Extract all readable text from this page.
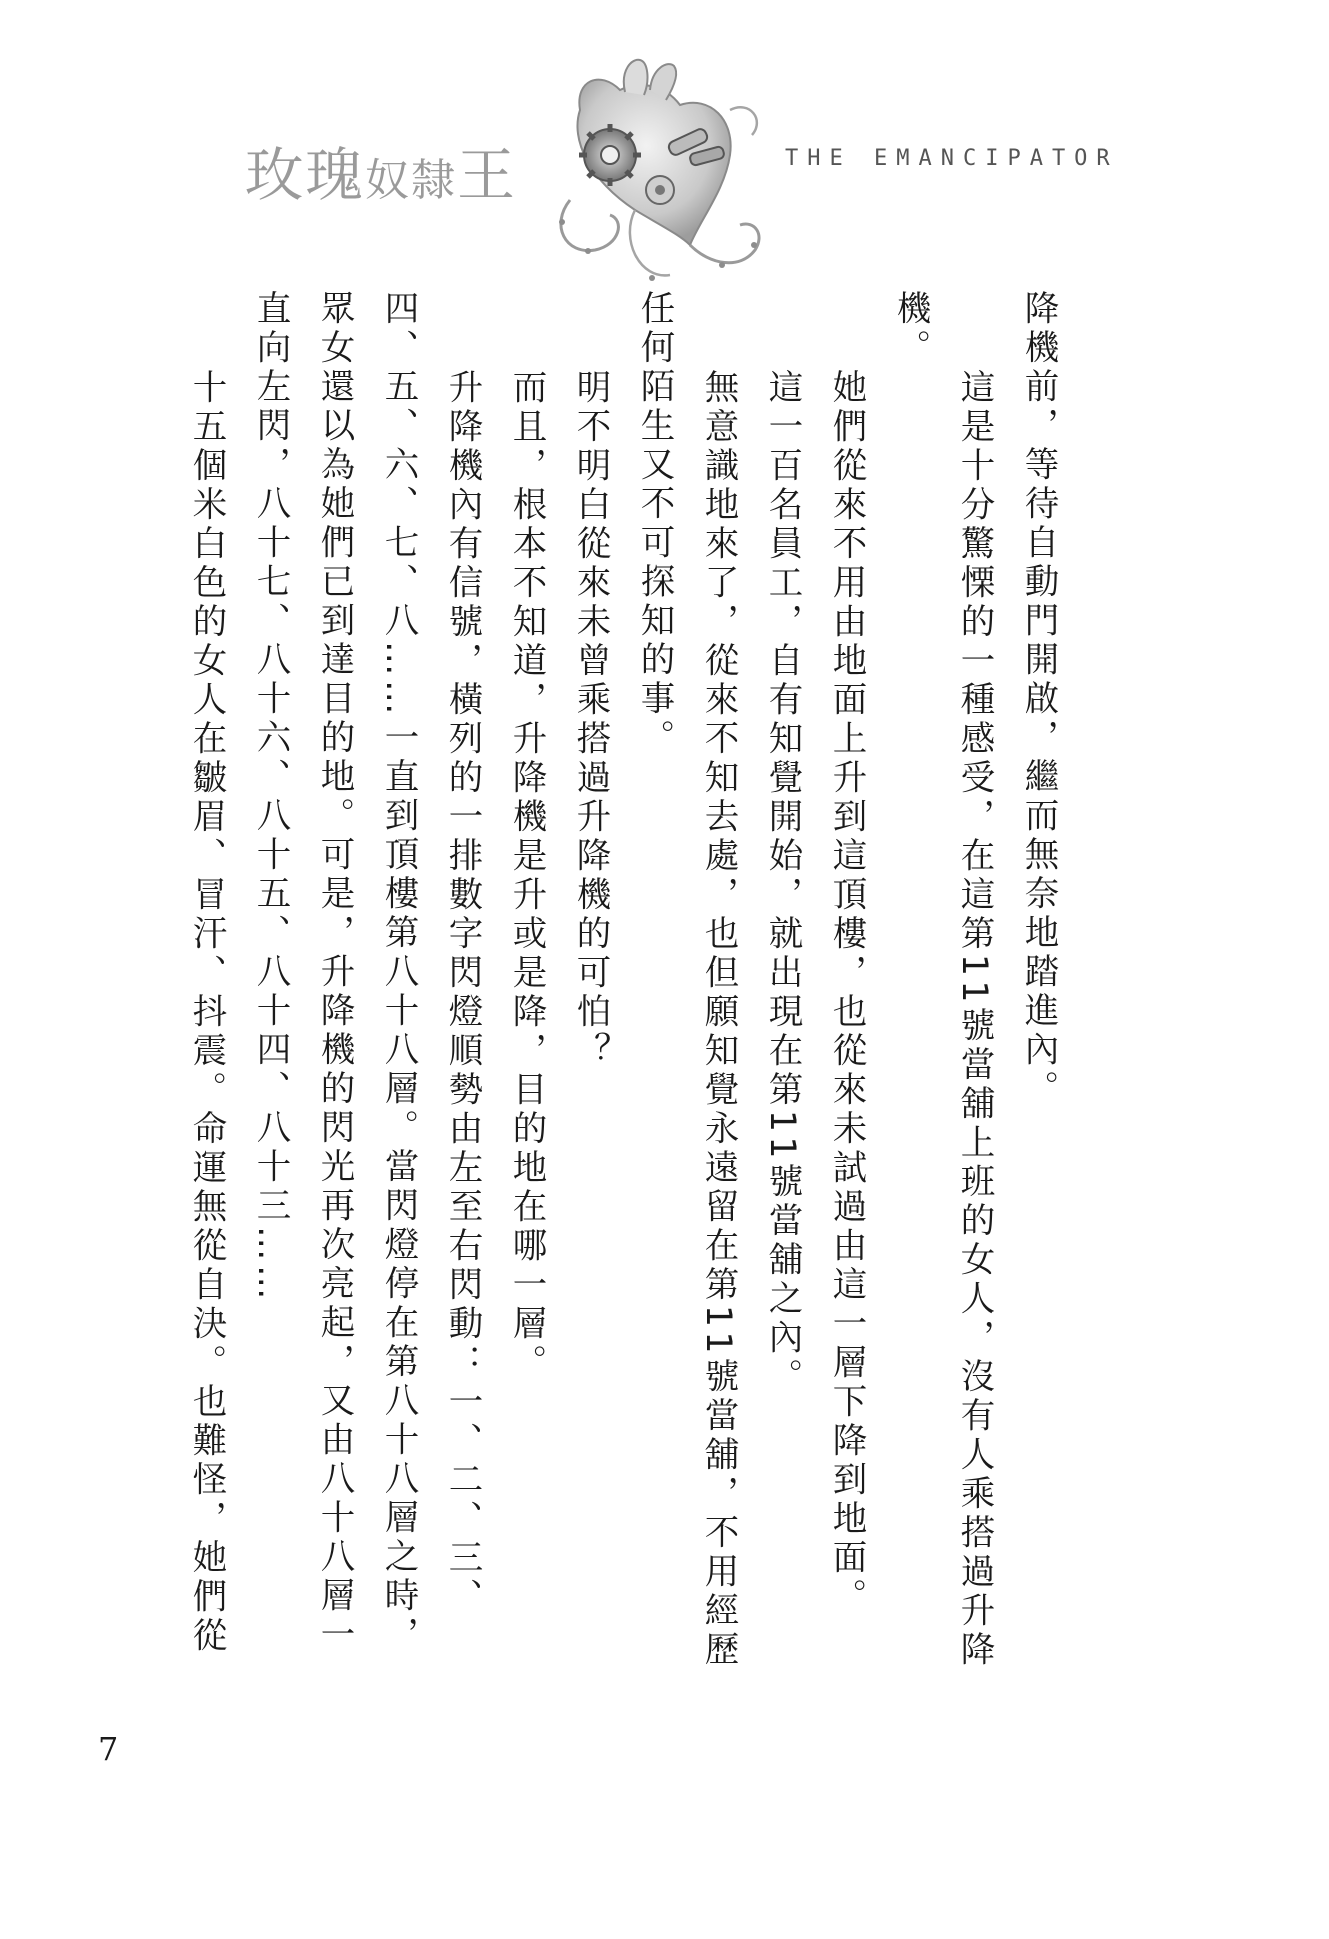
玫瑰奴隸王	THE EMANCIPATOR

降機前，等待自動門開啟，繼而無奈地踏進內。

這是十分驚慄的一種感受，在這第11號當舖上班的女人，沒有人乘搭過升降機。

她們從來不用由地面上升到這頂樓，也從來未試過由這一層下降到地面。

這一百名員工，自有知覺開始，就出現在第11號當舖之內。

無意識地來了，從來不知去處，也但願知覺永遠留在第11號當舖，不用經歷任何陌生又不可探知的事。

明不明白從來未曾乘搭過升降機的可怕？

而且，根本不知道，升降機是升或是降，目的地在哪一層。

升降機內有信號，橫列的一排數字閃燈順勢由左至右閃動：一、二、三、四、五、六、七、八……一直到頂樓第八十八層。當閃燈停在第八十八層之時，眾女還以為她們已到達目的地。可是，升降機的閃光再次亮起，又由八十八層一直向左閃，八十七、八十六、八十五、八十四、八十三……

十五個米白色的女人在皺眉、冒汗、抖震。命運無從自決。也難怪，她們從

7
